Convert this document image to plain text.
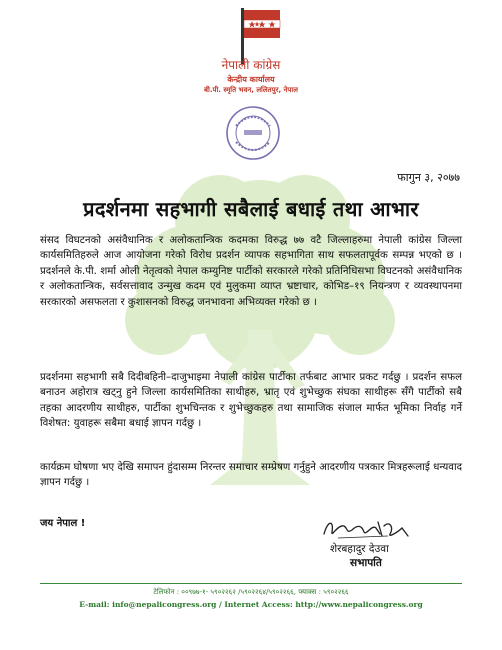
नेपाली कांग्रेस
केन्द्रीय कार्यालय
बी.पी. स्मृति भवन, ललितपुर, नेपाल
फागुन ३, २०७७
प्रदर्शनमा सहभागी सबैलाई बधाई तथा आभार
संसद विघटनको असंवैधानिक र अलोकतान्त्रिक कदमका विरुद्ध ७७ वटै जिल्लाहरुमा नेपाली कांग्रेस जिल्ला कार्यसमितिहरुले आज आयोजना गरेको विरोध प्रदर्शन व्यापक सहभागिता साथ सफलतापूर्वक सम्पन्न भएको छ । प्रदर्शनले के.पी. शर्मा ओली नेतृत्वको नेपाल कम्युनिष्ट पार्टीको सरकारले गरेको प्रतिनिधिसभा विघटनको असंवैधानिक र अलोकतान्त्रिक, सर्वसत्तावाद उन्मुख कदम एवं मुलुकमा व्याप्त भ्रष्टाचार, कोभिड–१९ नियन्त्रण र व्यवस्थापनमा सरकारको असफलता र कुशासनको विरुद्ध जनभावना अभिव्यक्त गरेको छ ।
प्रदर्शनमा सहभागी सबै दिदीबहिनी–दाजुभाइमा नेपाली कांग्रेस पार्टीका तर्फबाट आभार प्रकट गर्दछु । प्रदर्शन सफल बनाउन अहोरात्र खट्नु हुने जिल्ला कार्यसमितिका साथीहरु, भ्रातृ एवं शुभेच्छुक संघका साथीहरू सँगै पार्टीको सबै तहका आदरणीय साथीहरु, पार्टीका शुभचिन्तक र शुभेच्छुकहरु तथा सामाजिक संजाल मार्फत भूमिका निर्वाह गर्ने विशेषत: युवाहरू सबैमा बधाई ज्ञापन गर्दछु ।
कार्यक्रम घोषणा भए देखि समापन हुंदासम्म निरन्तर समाचार सम्प्रेषण गर्नुहुने आदरणीय पत्रकार मित्रहरूलाई धन्यवाद ज्ञापन गर्दछु ।
जय नेपाल !
शेरबहादुर देउवा
सभापति
टेलिफोन : ००९७७-१- ५९०२२६२ /५९०२२६४/५९०२२६६, फ्याक्स : ५९०२२६६
E-mail: info@nepalicongress.org / Internet Access: http://www.nepalicongress.org
